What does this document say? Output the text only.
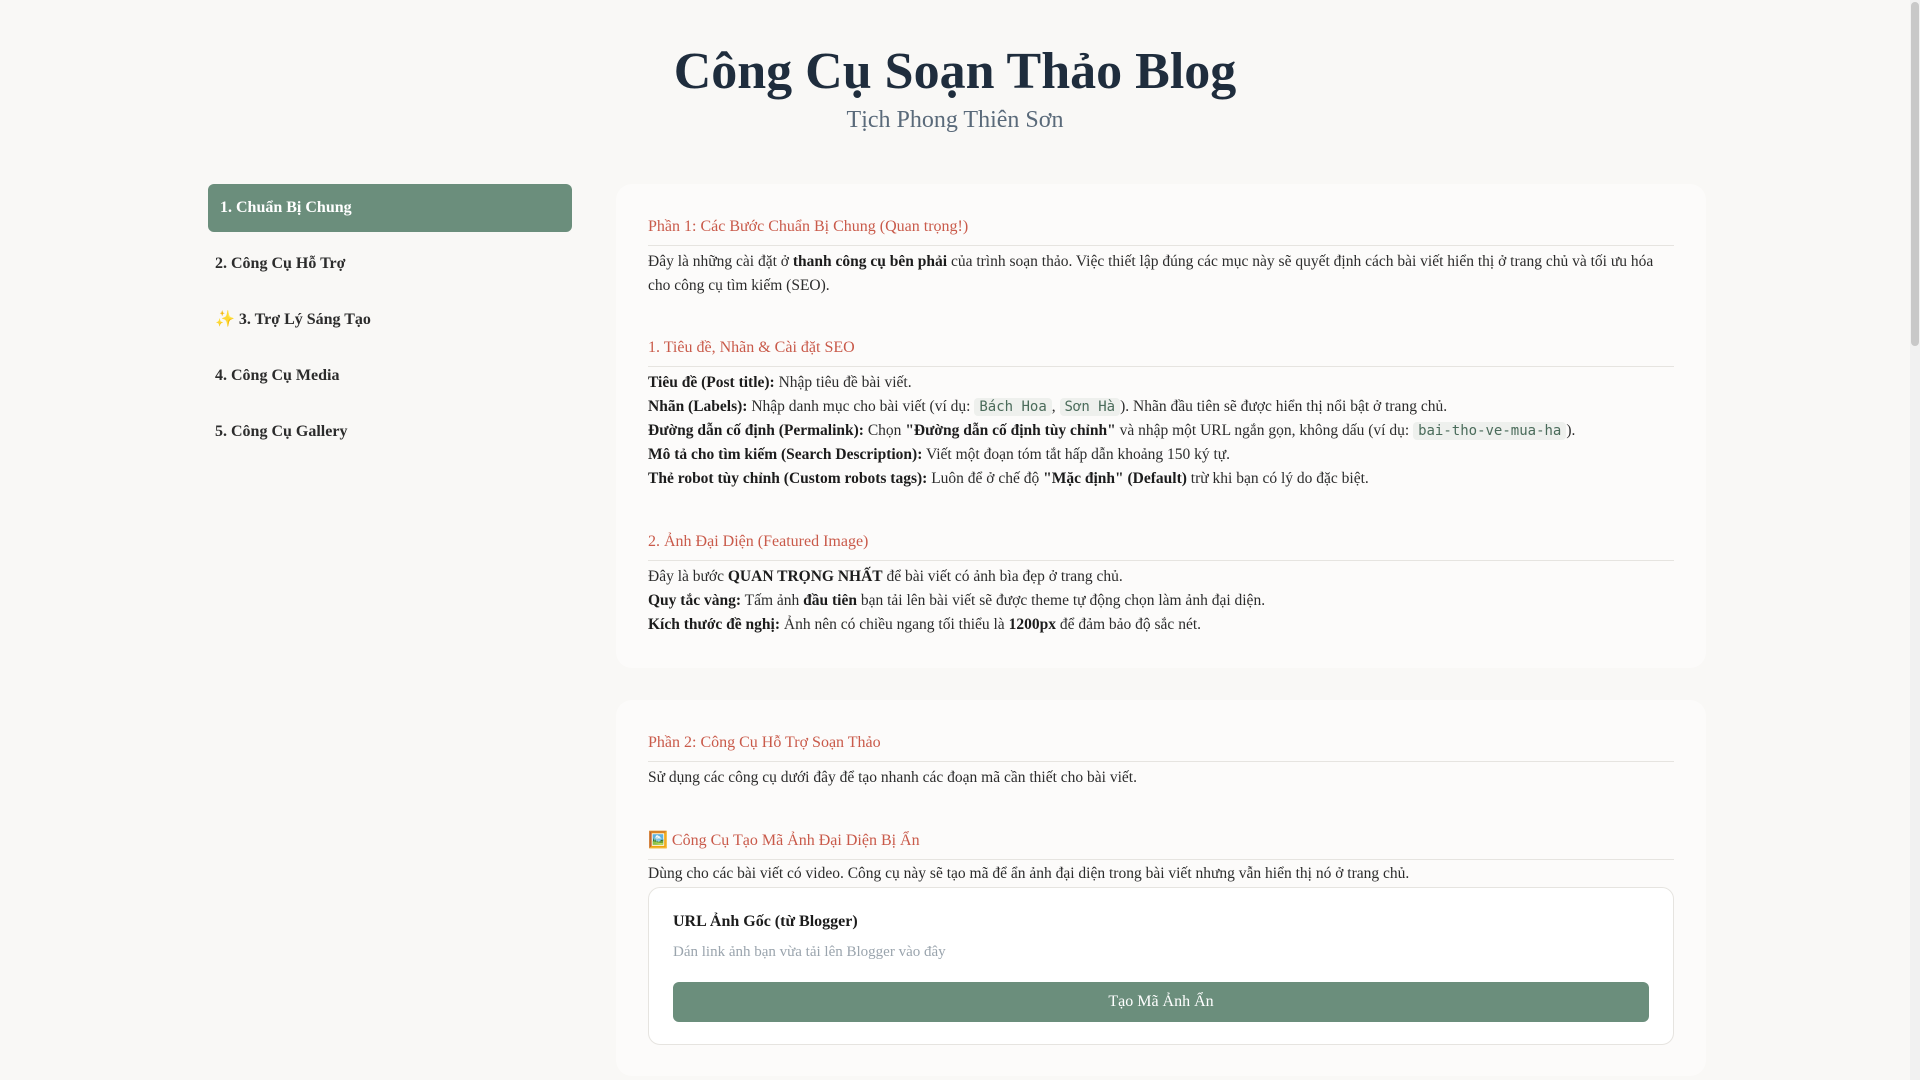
Công Cụ Soạn Thảo Blog
Tịch Phong Thiên Sơn
1. Chuẩn Bị Chung
2. Công Cụ Hỗ Trợ
✨ 3. Trợ Lý Sáng Tạo
4. Công Cụ Media
5. Công Cụ Gallery
Phần 1: Các Bước Chuẩn Bị Chung (Quan trọng!)
Đây là những cài đặt ở thanh công cụ bên phải của trình soạn thảo. Việc thiết lập đúng các mục này sẽ quyết định cách bài viết hiển thị ở trang chủ và tối ưu hóa cho công cụ tìm kiếm (SEO).
1. Tiêu đề, Nhãn & Cài đặt SEO
Tiêu đề (Post title): Nhập tiêu đề bài viết.
Nhãn (Labels): Nhập danh mục cho bài viết (ví dụ: Bách Hoa , Sơn Hà ). Nhãn đầu tiên sẽ được hiển thị nổi bật ở trang chủ.
Đường dẫn cố định (Permalink): Chọn "Đường dẫn cố định tùy chỉnh" và nhập một URL ngắn gọn, không dấu (ví dụ: bai-tho-ve-mua-ha ).
Mô tả cho tìm kiếm (Search Description): Viết một đoạn tóm tắt hấp dẫn khoảng 150 ký tự.
Thẻ robot tùy chỉnh (Custom robots tags): Luôn để ở chế độ "Mặc định" (Default) trừ khi bạn có lý do đặc biệt.
2. Ảnh Đại Diện (Featured Image)
Đây là bước QUAN TRỌNG NHẤT để bài viết có ảnh bìa đẹp ở trang chủ.
Quy tắc vàng: Tấm ảnh đầu tiên bạn tải lên bài viết sẽ được theme tự động chọn làm ảnh đại diện.
Kích thước đề nghị: Ảnh nên có chiều ngang tối thiểu là 1200px để đảm bảo độ sắc nét.
Phần 2: Công Cụ Hỗ Trợ Soạn Thảo
Sử dụng các công cụ dưới đây để tạo nhanh các đoạn mã cần thiết cho bài viết.
🖼️ Công Cụ Tạo Mã Ảnh Đại Diện Bị Ẩn
Dùng cho các bài viết có video. Công cụ này sẽ tạo mã để ẩn ảnh đại diện trong bài viết nhưng vẫn hiển thị nó ở trang chủ.
URL Ảnh Gốc (từ Blogger)
Dán link ảnh bạn vừa tải lên Blogger vào đây
Tạo Mã Ảnh Ẩn
